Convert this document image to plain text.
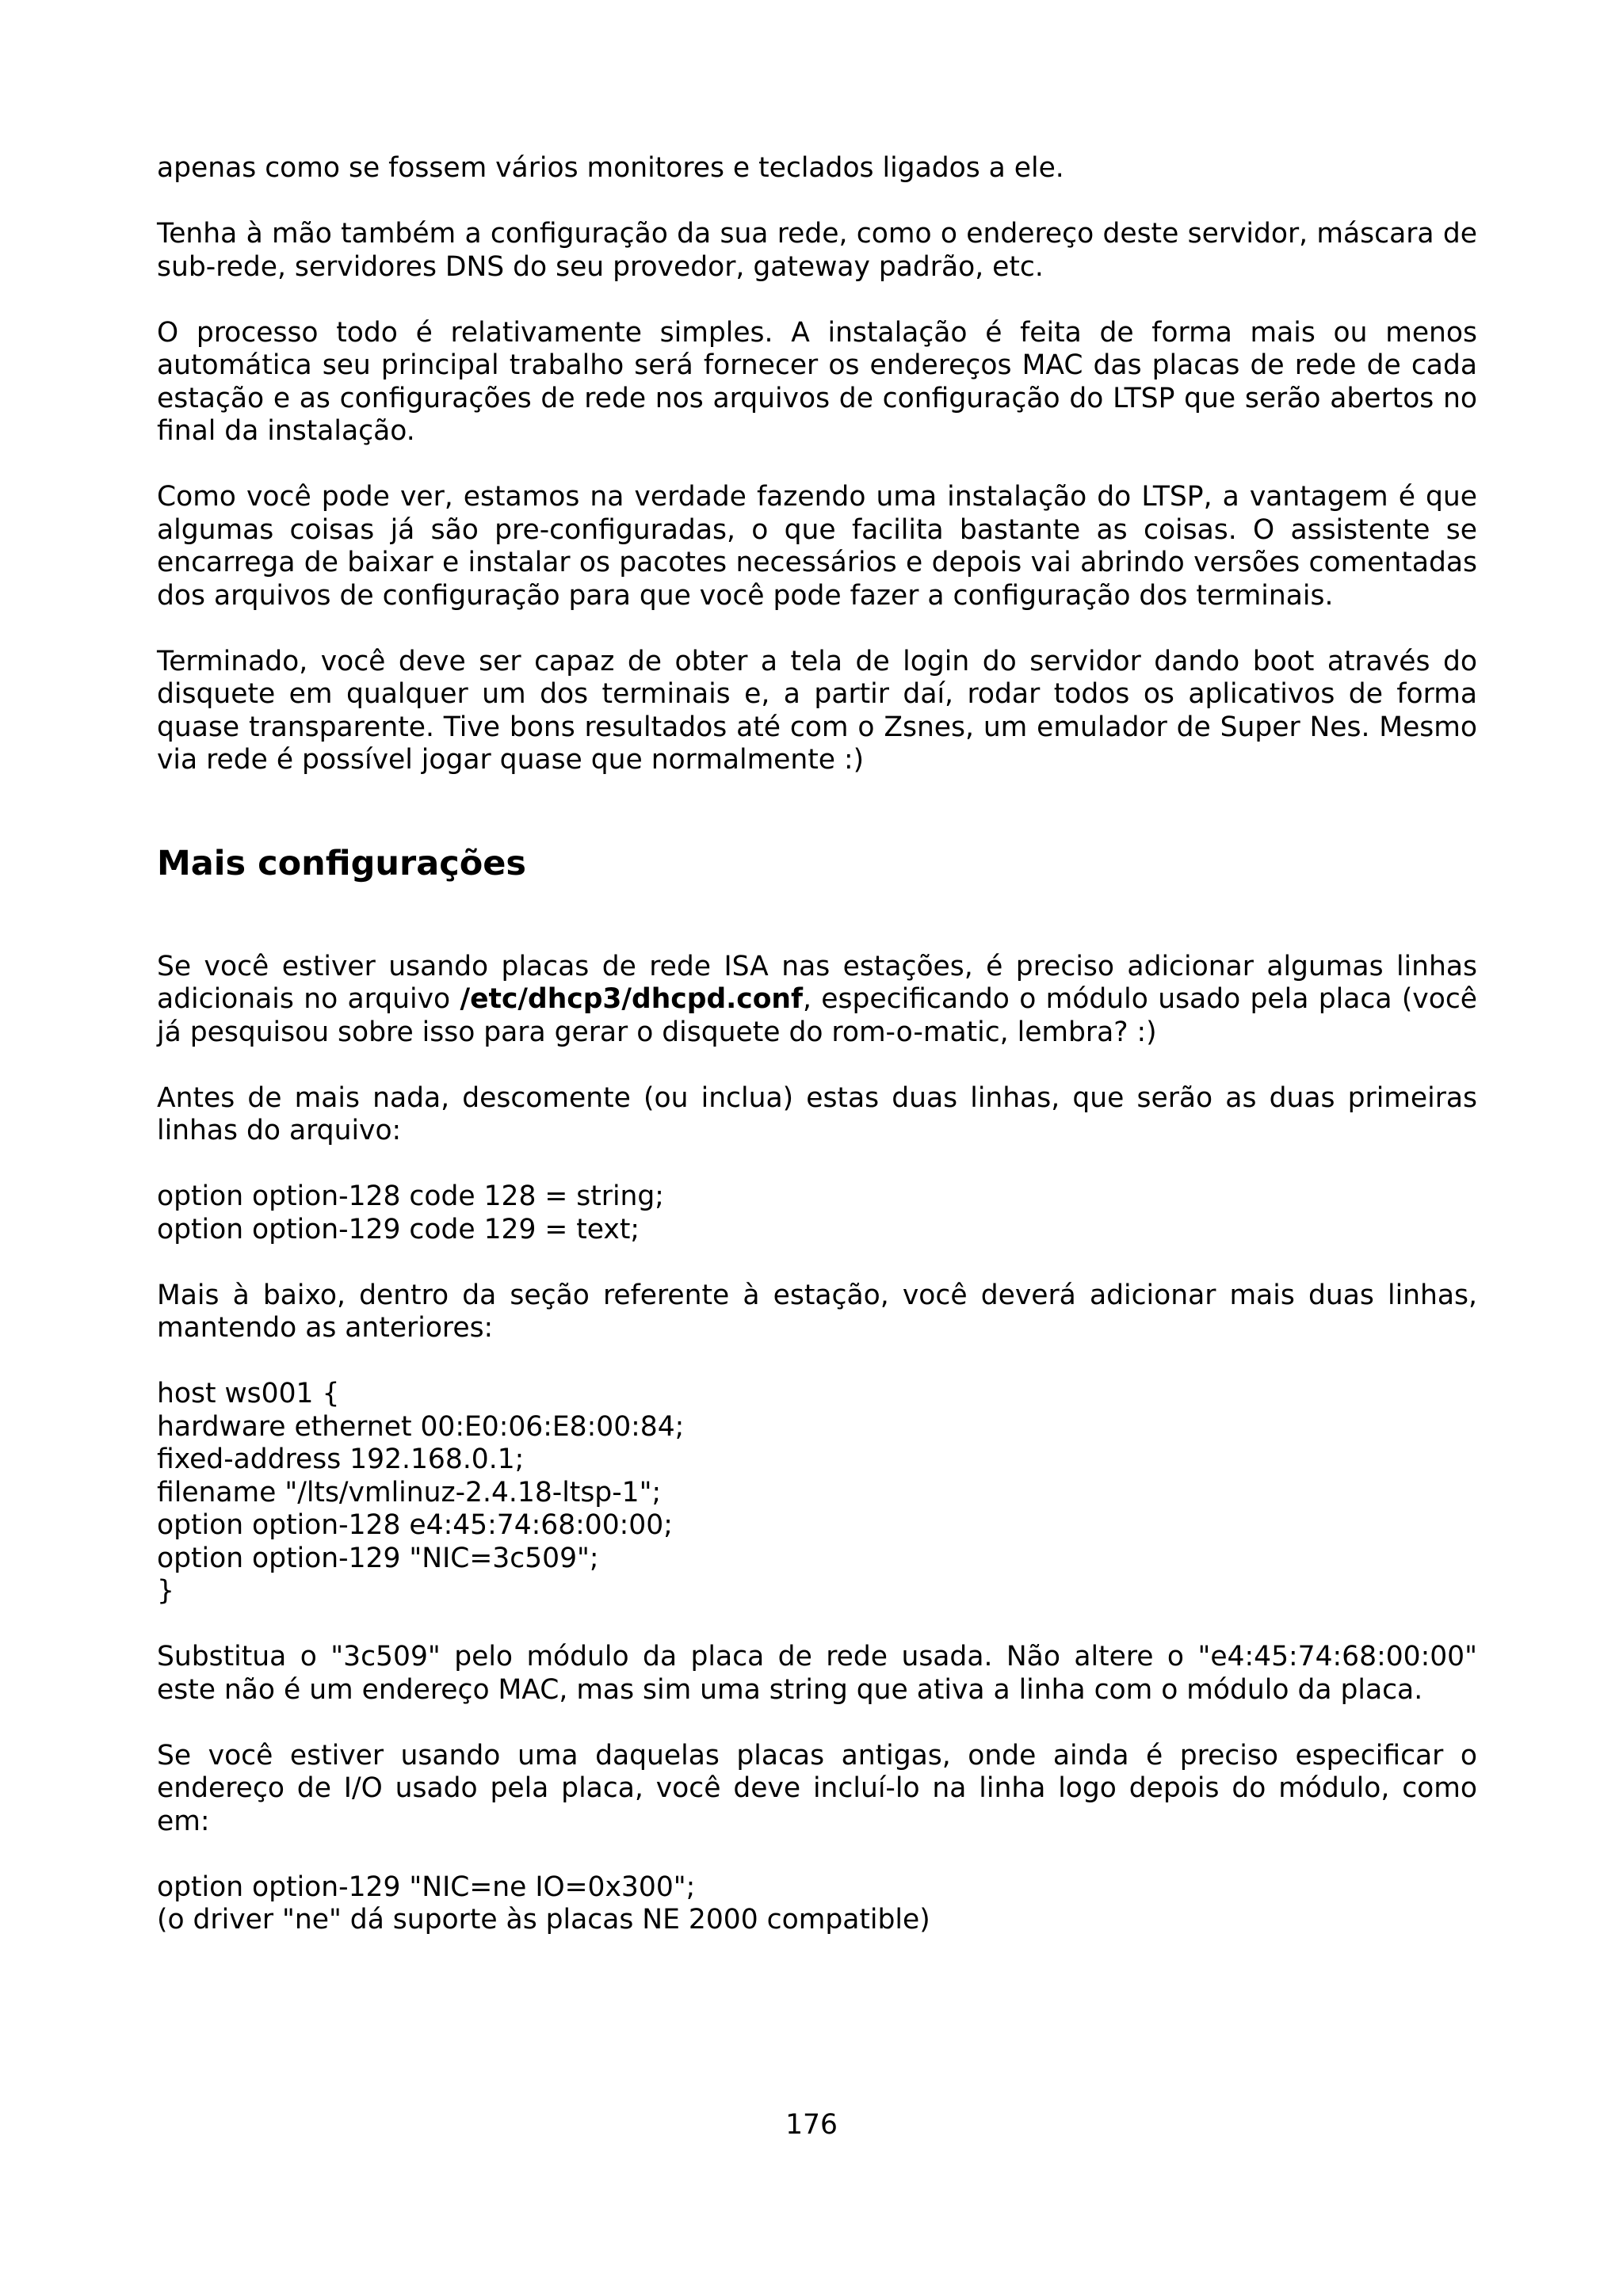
apenas como se fossem vários monitores e teclados ligados a ele.

Tenha à mão também a configuração da sua rede, como o endereço deste servidor, máscara de sub-rede, servidores DNS do seu provedor, gateway padrão, etc.

O processo todo é relativamente simples. A instalação é feita de forma mais ou menos automática seu principal trabalho será fornecer os endereços MAC das placas de rede de cada estação e as configurações de rede nos arquivos de configuração do LTSP que serão abertos no final da instalação.

Como você pode ver, estamos na verdade fazendo uma instalação do LTSP, a vantagem é que algumas coisas já são pre-configuradas, o que facilita bastante as coisas. O assistente se encarrega de baixar e instalar os pacotes necessários e depois vai abrindo versões comentadas dos arquivos de configuração para que você pode fazer a configuração dos terminais.

Terminado, você deve ser capaz de obter a tela de login do servidor dando boot através do disquete em qualquer um dos terminais e, a partir daí, rodar todos os aplicativos de forma quase transparente. Tive bons resultados até com o Zsnes, um emulador de Super Nes. Mesmo via rede é possível jogar quase que normalmente :)

Mais configurações

Se você estiver usando placas de rede ISA nas estações, é preciso adicionar algumas linhas adicionais no arquivo /etc/dhcp3/dhcpd.conf, especificando o módulo usado pela placa (você já pesquisou sobre isso para gerar o disquete do rom-o-matic, lembra? :)

Antes de mais nada, descomente (ou inclua) estas duas linhas, que serão as duas primeiras linhas do arquivo:

option option-128 code 128 = string;
option option-129 code 129 = text;

Mais à baixo, dentro da seção referente à estação, você deverá adicionar mais duas linhas, mantendo as anteriores:

host ws001 {
hardware ethernet 00:E0:06:E8:00:84;
fixed-address 192.168.0.1;
filename "/lts/vmlinuz-2.4.18-ltsp-1";
option option-128 e4:45:74:68:00:00;
option option-129 "NIC=3c509";
}

Substitua o "3c509" pelo módulo da placa de rede usada. Não altere o "e4:45:74:68:00:00" este não é um endereço MAC, mas sim uma string que ativa a linha com o módulo da placa.

Se você estiver usando uma daquelas placas antigas, onde ainda é preciso especificar o endereço de I/O usado pela placa, você deve incluí-lo na linha logo depois do módulo, como em:

option option-129 "NIC=ne IO=0x300";
(o driver "ne" dá suporte às placas NE 2000 compatible)
176
